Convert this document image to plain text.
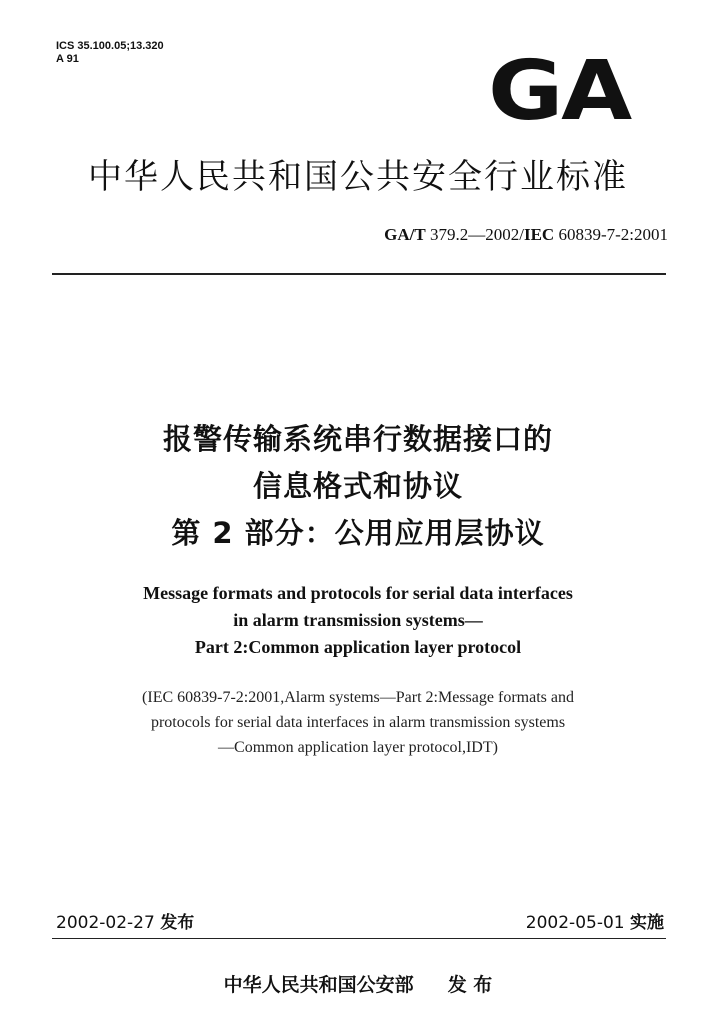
ICS 35.100.05;13.320
A 91	GA
中华人民共和国公共安全行业标准
GA/T 379.2—2002/IEC 60839-7-2:2001
报警传输系统串行数据接口的
信息格式和协议
第 2 部分：公用应用层协议
Message formats and protocols for serial data interfaces
in alarm transmission systems—
Part 2:Common application layer protocol
(IEC 60839-7-2:2001,Alarm systems—Part 2:Message formats and
protocols for serial data interfaces in alarm transmission systems
—Common application layer protocol,IDT)
2002-02-27 发布	2002-05-01 实施
中华人民共和国公安部 发 布
